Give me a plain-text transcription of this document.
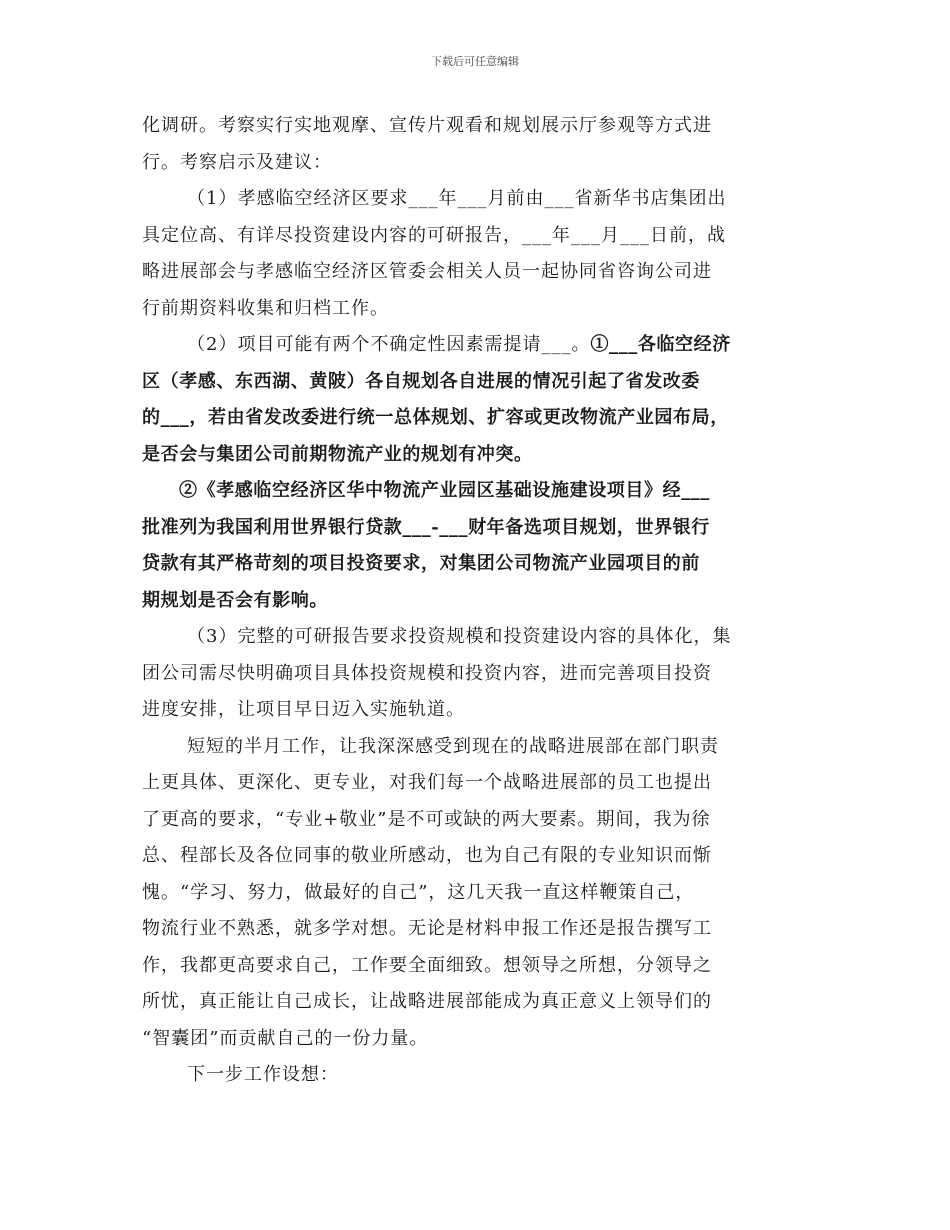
下载后可任意编辑
化调研。考察实行实地观摩、宣传片观看和规划展示厅参观等方式进
行。考察启示及建议：
（1）孝感临空经济区要求___年___月前由___省新华书店集团出
具定位高、有详尽投资建设内容的可研报告，___年___月___日前，战
略进展部会与孝感临空经济区管委会相关人员一起协同省咨询公司进
行前期资料收集和归档工作。
（2）项目可能有两个不确定性因素需提请___。①___各临空经济
区（孝感、东西湖、黄陂）各自规划各自进展的情况引起了省发改委
的___，若由省发改委进行统一总体规划、扩容或更改物流产业园布局，
是否会与集团公司前期物流产业的规划有冲突。
②《孝感临空经济区华中物流产业园区基础设施建设项目》经___
批准列为我国利用世界银行贷款___-___财年备选项目规划，世界银行
贷款有其严格苛刻的项目投资要求，对集团公司物流产业园项目的前
期规划是否会有影响。
（3）完整的可研报告要求投资规模和投资建设内容的具体化，集
团公司需尽快明确项目具体投资规模和投资内容，进而完善项目投资
进度安排，让项目早日迈入实施轨道。
短短的半月工作，让我深深感受到现在的战略进展部在部门职责
上更具体、更深化、更专业，对我们每一个战略进展部的员工也提出
了更高的要求，“专业+敬业”是不可或缺的两大要素。期间，我为徐
总、程部长及各位同事的敬业所感动，也为自己有限的专业知识而惭
愧。“学习、努力，做最好的自己”，这几天我一直这样鞭策自己，
物流行业不熟悉，就多学对想。无论是材料申报工作还是报告撰写工
作，我都更高要求自己，工作要全面细致。想领导之所想，分领导之
所忧，真正能让自己成长，让战略进展部能成为真正意义上领导们的
“智囊团”而贡献自己的一份力量。
下一步工作设想：
